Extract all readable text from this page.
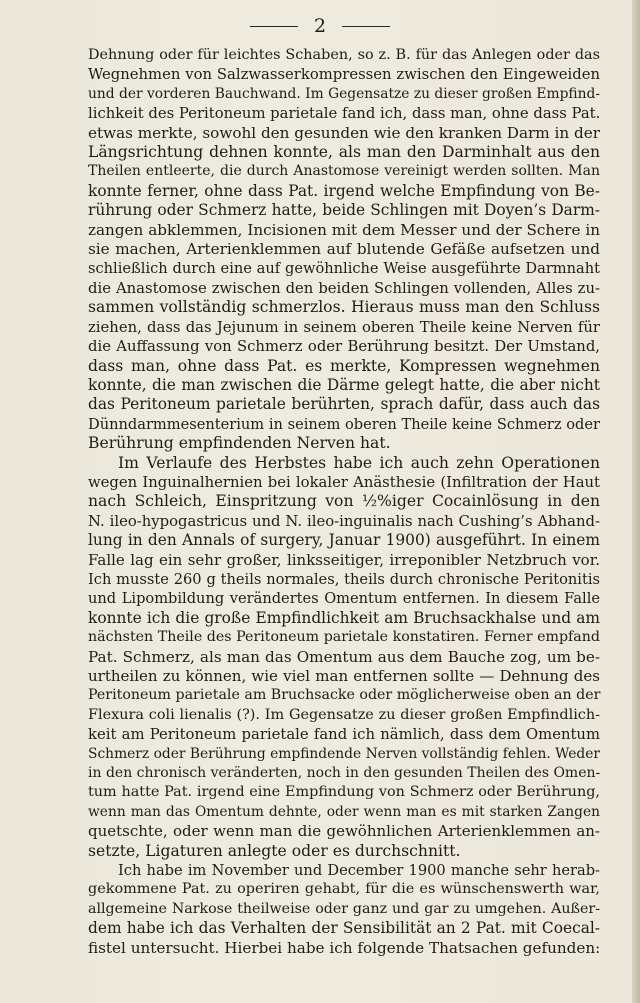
2
Dehnung oder für leichtes Schaben, so z. B. für das Anlegen oder das
Wegnehmen von Salzwasserkompressen zwischen den Eingeweiden
und der vorderen Bauchwand. Im Gegensatze zu dieser großen Empfind-
lichkeit des Peritoneum parietale fand ich, dass man, ohne dass Pat.
etwas merkte, sowohl den gesunden wie den kranken Darm in der
Längsrichtung dehnen konnte, als man den Darminhalt aus den
Theilen entleerte, die durch Anastomose vereinigt werden sollten. Man
konnte ferner, ohne dass Pat. irgend welche Empfindung von Be-
rührung oder Schmerz hatte, beide Schlingen mit Doyen’s Darm-
zangen abklemmen, Incisionen mit dem Messer und der Schere in
sie machen, Arterienklemmen auf blutende Gefäße aufsetzen und
schließlich durch eine auf gewöhnliche Weise ausgeführte Darmnaht
die Anastomose zwischen den beiden Schlingen vollenden, Alles zu-
sammen vollständig schmerzlos. Hieraus muss man den Schluss
ziehen, dass das Jejunum in seinem oberen Theile keine Nerven für
die Auffassung von Schmerz oder Berührung besitzt. Der Umstand,
dass man, ohne dass Pat. es merkte, Kompressen wegnehmen
konnte, die man zwischen die Därme gelegt hatte, die aber nicht
das Peritoneum parietale berührten, sprach dafür, dass auch das
Dünndarmmesenterium in seinem oberen Theile keine Schmerz oder
Berührung empfindenden Nerven hat.
Im Verlaufe des Herbstes habe ich auch zehn Operationen
wegen Inguinalhernien bei lokaler Anästhesie (Infiltration der Haut
nach Schleich, Einspritzung von ½%iger Cocainlösung in den
N. ileo-hypogastricus und N. ileo-inguinalis nach Cushing’s Abhand-
lung in den Annals of surgery, Januar 1900) ausgeführt. In einem
Falle lag ein sehr großer, linksseitiger, irreponibler Netzbruch vor.
Ich musste 260 g theils normales, theils durch chronische Peritonitis
und Lipombildung verändertes Omentum entfernen. In diesem Falle
konnte ich die große Empfindlichkeit am Bruchsackhalse und am
nächsten Theile des Peritoneum parietale konstatiren. Ferner empfand
Pat. Schmerz, als man das Omentum aus dem Bauche zog, um be-
urtheilen zu können, wie viel man entfernen sollte — Dehnung des
Peritoneum parietale am Bruchsacke oder möglicherweise oben an der
Flexura coli lienalis (?). Im Gegensatze zu dieser großen Empfindlich-
keit am Peritoneum parietale fand ich nämlich, dass dem Omentum
Schmerz oder Berührung empfindende Nerven vollständig fehlen. Weder
in den chronisch veränderten, noch in den gesunden Theilen des Omen-
tum hatte Pat. irgend eine Empfindung von Schmerz oder Berührung,
wenn man das Omentum dehnte, oder wenn man es mit starken Zangen
quetschte, oder wenn man die gewöhnlichen Arterienklemmen an-
setzte, Ligaturen anlegte oder es durchschnitt.
Ich habe im November und December 1900 manche sehr herab-
gekommene Pat. zu operiren gehabt, für die es wünschenswerth war,
allgemeine Narkose theilweise oder ganz und gar zu umgehen. Außer-
dem habe ich das Verhalten der Sensibilität an 2 Pat. mit Coecal-
fistel untersucht. Hierbei habe ich folgende Thatsachen gefunden:
